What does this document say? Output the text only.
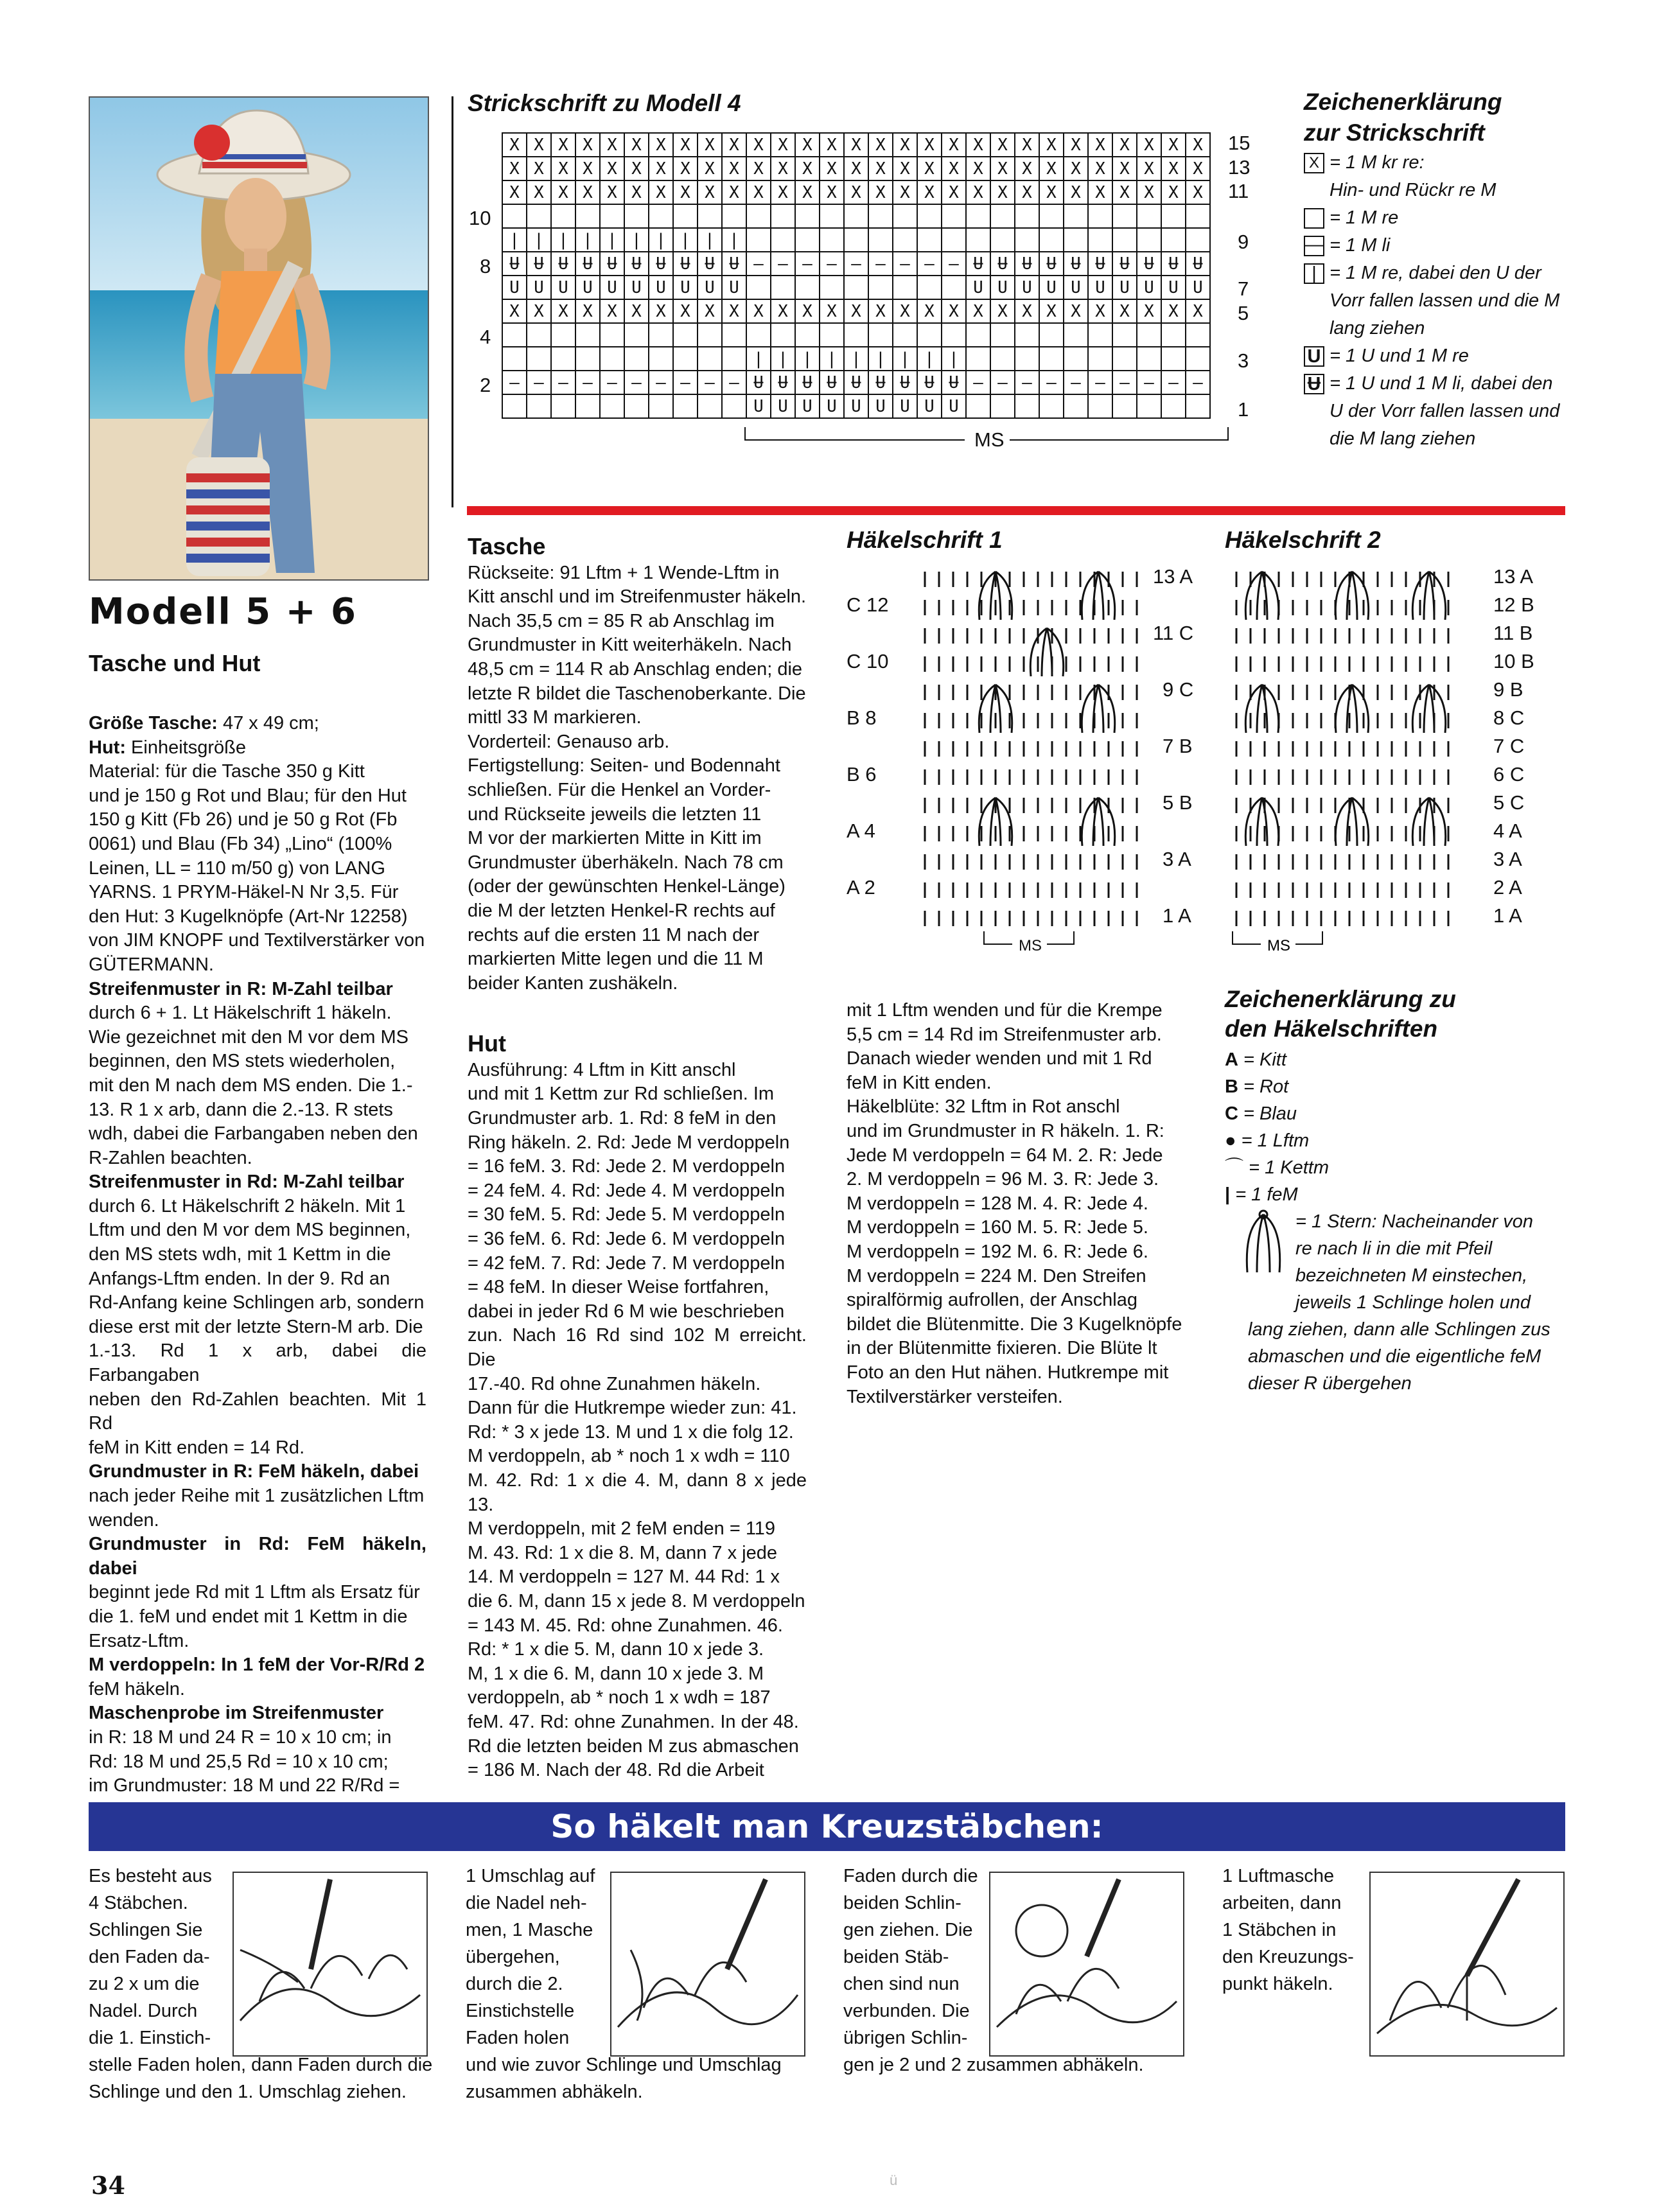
Modell 5 + 6
Tasche und Hut

Größe Tasche: 47 x 49 cm;

Hut: Einheitsgröße

Material: für die Tasche 350 g Kitt

und je 150 g Rot und Blau; für den Hut

150 g Kitt (Fb 26) und je 50 g Rot (Fb

0061) und Blau (Fb 34) „Lino“ (100%

Leinen, LL = 110 m/50 g) von LANG

YARNS. 1 PRYM-Häkel-N Nr 3,5. Für

den Hut: 3 Kugelknöpfe (Art-Nr 12258)

von JIM KNOPF und Textilverstärker von

GÜTERMANN.

Streifenmuster in R: M-Zahl teilbar

durch 6 + 1. Lt Häkelschrift 1 häkeln.

Wie gezeichnet mit den M vor dem MS

beginnen, den MS stets wiederholen,

mit den M nach dem MS enden. Die 1.-

13. R 1 x arb, dann die 2.-13. R stets

wdh, dabei die Farbangaben neben den

R-Zahlen beachten.

Streifenmuster in Rd: M-Zahl teilbar

durch 6. Lt Häkelschrift 2 häkeln. Mit 1

Lftm und den M vor dem MS beginnen,

den MS stets wdh, mit 1 Kettm in die

Anfangs-Lftm enden. In der 9. Rd an

Rd-Anfang keine Schlingen arb, sondern

diese erst mit der letzte Stern-M arb. Die

1.-13. Rd 1 x arb, dabei die Farbangaben

neben den Rd-Zahlen beachten. Mit 1 Rd

feM in Kitt enden = 14 Rd.

Grundmuster in R: FeM häkeln, dabei

nach jeder Reihe mit 1 zusätzlichen Lftm

wenden.

Grundmuster in Rd: FeM häkeln, dabei

beginnt jede Rd mit 1 Lftm als Ersatz für

die 1. feM und endet mit 1 Kettm in die

Ersatz-Lftm.

M verdoppeln: In 1 feM der Vor-R/Rd 2

feM häkeln.

Maschenprobe im Streifenmuster

in R: 18 M und 24 R = 10 x 10 cm; in

Rd: 18 M und 25,5 Rd = 10 x 10 cm;

im Grundmuster: 18 M und 22 R/Rd =

Strickschrift zu Modell 4
X X X X X X X X X X X X X X X X X X X X X X X X X X X X X
X X X X X X X X X X X X X X X X X X X X X X X X X X X X X
X X X X X X X X X X X X X X X X X X X X X X X X X X X X X
| | | | | | | | | |
Ʉ Ʉ Ʉ Ʉ Ʉ Ʉ Ʉ Ʉ Ʉ Ʉ — — — — — — — — — Ʉ Ʉ Ʉ Ʉ Ʉ Ʉ Ʉ Ʉ Ʉ Ʉ
U U U U U U U U U U	U U U U U U U U U U
X X X X X X X X X X X X X X X X X X X X X X X X X X X X X
| | | | | | | | |
— — — — — — — — — — Ʉ Ʉ Ʉ Ʉ Ʉ Ʉ Ʉ Ʉ Ʉ — — — — — — — — — —
U U U U U U U U U
15
13
11
9
7
5
3
1
10
8
4
2
MS
Zeichenerklärung
zur Strickschrift
X = 1 M kr re:
Hin- und Rückr re M
= 1 M re
— = 1 M li
| = 1 M re, dabei den U der
Vorr fallen lassen und die M
lang ziehen
U = 1 U und 1 M re
Ʉ = 1 U und 1 M li, dabei den
U der Vorr fallen lassen und
die M lang ziehen
Tasche

Rückseite: 91 Lftm + 1 Wende-Lftm in

Kitt anschl und im Streifenmuster häkeln.

Nach 35,5 cm = 85 R ab Anschlag im

Grundmuster in Kitt weiterhäkeln. Nach

48,5 cm = 114 R ab Anschlag enden; die

letzte R bildet die Taschenoberkante. Die

mittl 33 M markieren.

Vorderteil: Genauso arb.

Fertigstellung: Seiten- und Bodennaht

schließen. Für die Henkel an Vorder-

und Rückseite jeweils die letzten 11

M vor der markierten Mitte in Kitt im

Grundmuster überhäkeln. Nach 78 cm

(oder der gewünschten Henkel-Länge)

die M der letzten Henkel-R rechts auf

rechts auf die ersten 11 M nach der

markierten Mitte legen und die 11 M

beider Kanten zushäkeln.

Hut

Ausführung: 4 Lftm in Kitt anschl

und mit 1 Kettm zur Rd schließen. Im

Grundmuster arb. 1. Rd: 8 feM in den

Ring häkeln. 2. Rd: Jede M verdoppeln

= 16 feM. 3. Rd: Jede 2. M verdoppeln

= 24 feM. 4. Rd: Jede 4. M verdoppeln

= 30 feM. 5. Rd: Jede 5. M verdoppeln

= 36 feM. 6. Rd: Jede 6. M verdoppeln

= 42 feM. 7. Rd: Jede 7. M verdoppeln

= 48 feM. In dieser Weise fortfahren,

dabei in jeder Rd 6 M wie beschrieben

zun. Nach 16 Rd sind 102 M erreicht. Die

17.-40. Rd ohne Zunahmen häkeln.

Dann für die Hutkrempe wieder zun: 41.

Rd: * 3 x jede 13. M und 1 x die folg 12.

M verdoppeln, ab * noch 1 x wdh = 110

M. 42. Rd: 1 x die 4. M, dann 8 x jede 13.

M verdoppeln, mit 2 feM enden = 119

M. 43. Rd: 1 x die 8. M, dann 7 x jede

14. M verdoppeln = 127 M. 44 Rd: 1 x

die 6. M, dann 15 x jede 8. M verdoppeln

= 143 M. 45. Rd: ohne Zunahmen. 46.

Rd: * 1 x die 5. M, dann 10 x jede 3.

M, 1 x die 6. M, dann 10 x jede 3. M

verdoppeln, ab * noch 1 x wdh = 187

feM. 47. Rd: ohne Zunahmen. In der 48.

Rd die letzten beiden M zus abmaschen

= 186 M. Nach der 48. Rd die Arbeit

Häkelschrift 1
13 A
11 C
9 C
7 B
5 B
3 A
1 A
C 12
C 10
B 8
B 6
A 4
A 2
MS
Häkelschrift 2
13 A
12 B
11 B
10 B
9 B
8 C
7 C
6 C
5 C
4 A
3 A
2 A
1 A
MS

mit 1 Lftm wenden und für die Krempe

5,5 cm = 14 Rd im Streifenmuster arb.

Danach wieder wenden und mit 1 Rd

feM in Kitt enden.

Häkelblüte: 32 Lftm in Rot anschl

und im Grundmuster in R häkeln. 1. R:

Jede M verdoppeln = 64 M. 2. R: Jede

2. M verdoppeln = 96 M. 3. R: Jede 3.

M verdoppeln = 128 M. 4. R: Jede 4.

M verdoppeln = 160 M. 5. R: Jede 5.

M verdoppeln = 192 M. 6. R: Jede 6.

M verdoppeln = 224 M. Den Streifen

spiralförmig aufrollen, der Anschlag

bildet die Blütenmitte. Die 3 Kugelknöpfe

in der Blütenmitte fixieren. Die Blüte lt

Foto an den Hut nähen. Hutkrempe mit

Textilverstärker versteifen.

Zeichenerklärung zu
den Häkelschriften
A = Kitt
B = Rot
C = Blau
● = 1 Lftm
⌒ = 1 Kettm
| = 1 feM
= 1 Stern: Nacheinander von
re nach li in die mit Pfeil
bezeichneten M einstechen,
jeweils 1 Schlinge holen und
lang ziehen, dann alle Schlingen zus
abmaschen und die eigentliche feM
dieser R übergehen
So häkelt man Kreuzstäbchen:
Es besteht aus
4 Stäbchen.
Schlingen Sie
den Faden da-
zu 2 x um die
Nadel. Durch
die 1. Einstich-
stelle Faden holen, dann Faden durch die
Schlinge und den 1. Umschlag ziehen.
1 Umschlag auf
die Nadel neh-
men, 1 Masche
übergehen,
durch die 2.
Einstichstelle
Faden holen
und wie zuvor Schlinge und Umschlag
zusammen abhäkeln.
Faden durch die
beiden Schlin-
gen ziehen. Die
beiden Stäb-
chen sind nun
verbunden. Die
übrigen Schlin-
gen je 2 und 2 zusammen abhäkeln.
1 Luftmasche
arbeiten, dann
1 Stäbchen in
den Kreuzungs-
punkt häkeln.
34	ü
